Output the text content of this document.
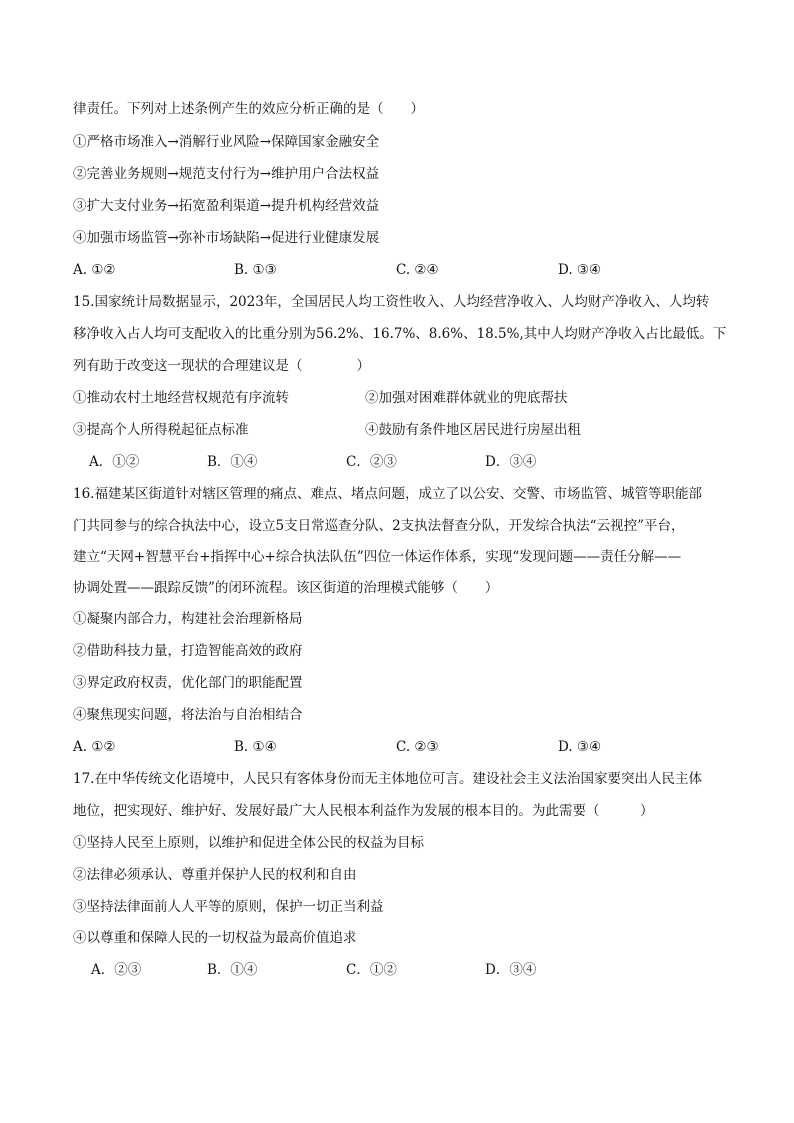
律责任。下列对上述条例产生的效应分析正确的是（　　）
①严格市场准入→消解行业风险→保障国家金融安全
②完善业务规则→规范支付行为→维护用户合法权益
③扩大支付业务→拓宽盈利渠道→提升机构经营效益
④加强市场监管→弥补市场缺陷→促进行业健康发展
A. ①②	B. ①③	C. ②④	D. ③④
15.国家统计局数据显示，2023年，全国居民人均工资性收入、人均经营净收入、人均财产净收入、人均转
移净收入占人均可支配收入的比重分别为56.2%、16.7%、8.6%、18.5%,其中人均财产净收入占比最低。下
列有助于改变这一现状的合理建议是（　　　　）
①推动农村土地经营权规范有序流转	②加强对困难群体就业的兜底帮扶
③提高个人所得税起征点标准	④鼓励有条件地区居民进行房屋出租
A．①②	B．①④	C．②③	D．③④
16.福建某区街道针对辖区管理的痛点、难点、堵点问题，成立了以公安、交警、市场监管、城管等职能部
门共同参与的综合执法中心，设立5支日常巡查分队、2支执法督查分队，开发综合执法“云视控”平台，
建立“天网+智慧平台+指挥中心+综合执法队伍”四位一体运作体系，实现“发现问题——责任分解——
协调处置——跟踪反馈”的闭环流程。该区街道的治理模式能够（　　）
①凝聚内部合力，构建社会治理新格局
②借助科技力量，打造智能高效的政府
③界定政府权责，优化部门的职能配置
④聚焦现实问题，将法治与自治相结合
A. ①②	B. ①④	C. ②③	D. ③④
17.在中华传统文化语境中，人民只有客体身份而无主体地位可言。建设社会主义法治国家要突出人民主体
地位，把实现好、维护好、发展好最广大人民根本利益作为发展的根本目的。为此需要（　　　）
①坚持人民至上原则，以维护和促进全体公民的权益为目标
②法律必须承认、尊重并保护人民的权利和自由
③坚持法律面前人人平等的原则，保护一切正当利益
④以尊重和保障人民的一切权益为最高价值追求
A．②③	B．①④	C．①②	D．③④
